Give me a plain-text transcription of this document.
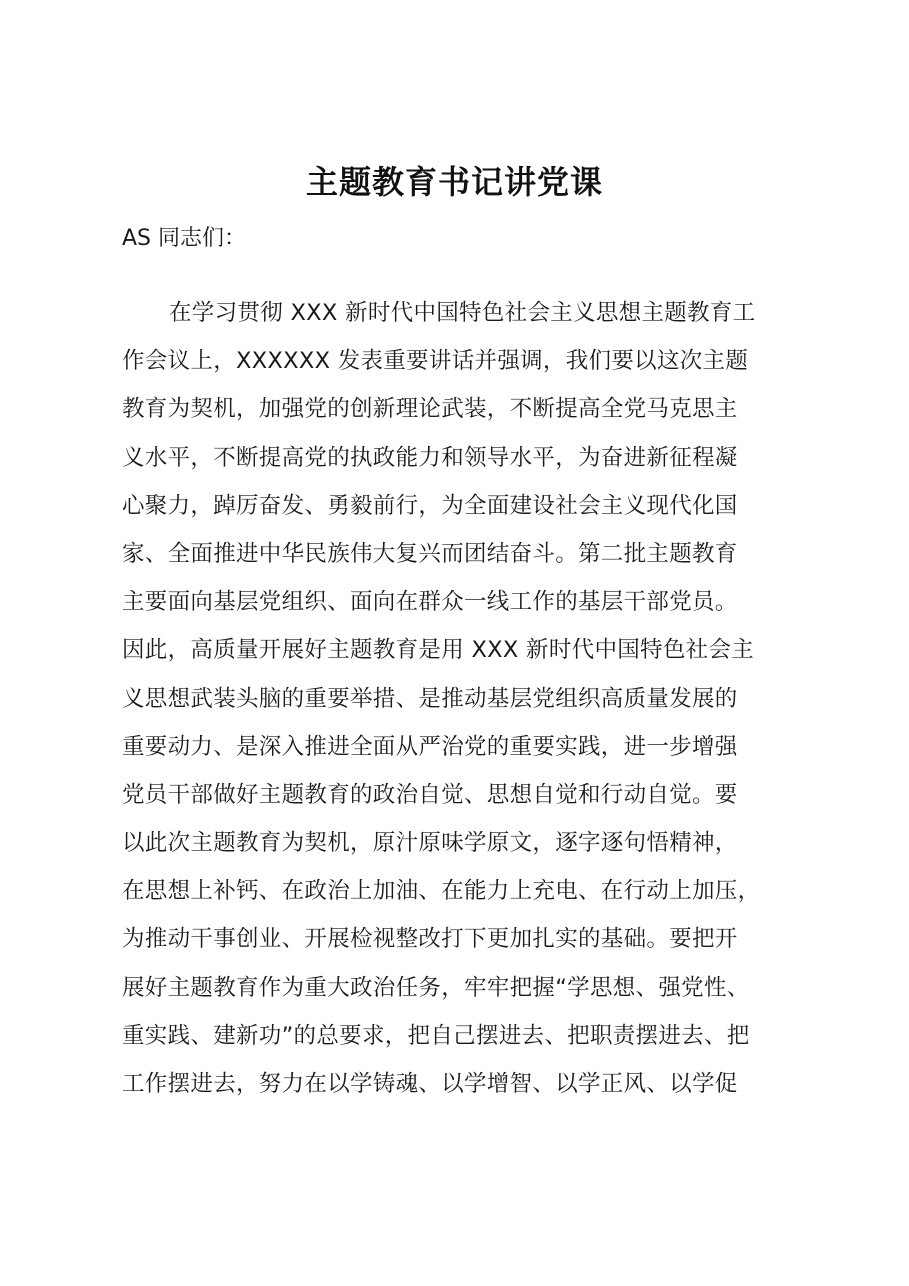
主题教育书记讲党课
AS 同志们：
在学习贯彻 XXX 新时代中国特色社会主义思想主题教育工
作会议上，XXXXXX 发表重要讲话并强调，我们要以这次主题
教育为契机，加强党的创新理论武装，不断提高全党马克思主
义水平，不断提高党的执政能力和领导水平，为奋进新征程凝
心聚力，踔厉奋发、勇毅前行，为全面建设社会主义现代化国
家、全面推进中华民族伟大复兴而团结奋斗。第二批主题教育
主要面向基层党组织、面向在群众一线工作的基层干部党员。
因此，高质量开展好主题教育是用 XXX 新时代中国特色社会主
义思想武装头脑的重要举措、是推动基层党组织高质量发展的
重要动力、是深入推进全面从严治党的重要实践，进一步增强
党员干部做好主题教育的政治自觉、思想自觉和行动自觉。要
以此次主题教育为契机，原汁原味学原文，逐字逐句悟精神，
在思想上补钙、在政治上加油、在能力上充电、在行动上加压，
为推动干事创业、开展检视整改打下更加扎实的基础。要把开
展好主题教育作为重大政治任务，牢牢把握“学思想、强党性、
重实践、建新功”的总要求，把自己摆进去、把职责摆进去、把
工作摆进去，努力在以学铸魂、以学增智、以学正风、以学促
